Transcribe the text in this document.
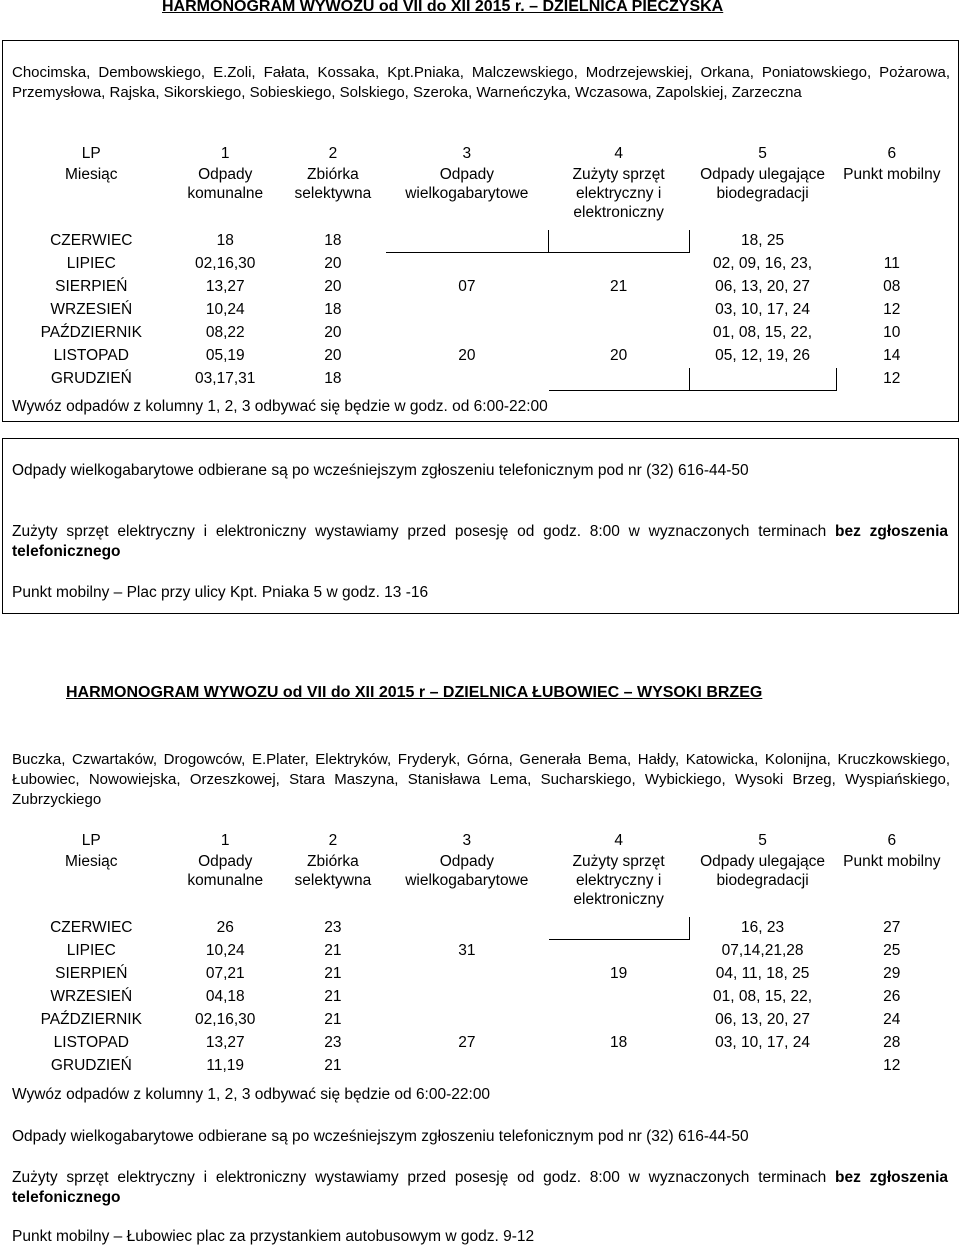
HARMONOGRAM WYWOZU od VII do XII 2015 r. – DZIELNICA PIECZYSKA
Chocimska, Dembowskiego, E.Zoli, Fałata, Kossaka, Kpt.Pniaka, Malczewskiego, Modrzejewskiej, Orkana, Poniatowskiego, Pożarowa, Przemysłowa, Rajska, Sikorskiego, Sobieskiego, Solskiego, Szeroka, Warneńczyka, Wczasowa, Zapolskiej, Zarzeczna
LP	1	2	3	4	5	6
Miesiąc	Odpady komunalne	Zbiórka selektywna	Odpady wielkogabarytowe	Zużyty sprzęt elektryczny i elektroniczny	Odpady ulegające biodegradacji	Punkt mobilny
CZERWIEC	18	18			18, 25	
LIPIEC	02,16,30	20			02, 09, 16, 23,	11
SIERPIEŃ	13,27	20	07	21	06, 13, 20, 27	08
WRZESIEŃ	10,24	18			03, 10, 17, 24	12
PAŹDZIERNIK	08,22	20			01, 08, 15, 22,	10
LISTOPAD	05,19	20	20	20	05, 12, 19, 26	14
GRUDZIEŃ	03,17,31	18				12
Wywóz odpadów z kolumny 1, 2, 3 odbywać się będzie w godz. od 6:00-22:00
Odpady wielkogabarytowe odbierane są po wcześniejszym zgłoszeniu telefonicznym pod nr (32) 616-44-50
Zużyty sprzęt elektryczny i elektroniczny wystawiamy przed posesję od godz. 8:00 w wyznaczonych terminach bez zgłoszenia telefonicznego
Punkt mobilny – Plac przy ulicy Kpt. Pniaka 5 w godz. 13 -16
HARMONOGRAM WYWOZU od VII do XII 2015 r – DZIELNICA ŁUBOWIEC – WYSOKI BRZEG
Buczka, Czwartaków, Drogowców, E.Plater, Elektryków, Fryderyk, Górna, Generała Bema, Hałdy, Katowicka, Kolonijna, Kruczkowskiego, Łubowiec, Nowowiejska, Orzeszkowej, Stara Maszyna, Stanisława Lema, Sucharskiego, Wybickiego, Wysoki Brzeg, Wyspiańskiego, Zubrzyckiego
LP	1	2	3	4	5	6
Miesiąc	Odpady komunalne	Zbiórka selektywna	Odpady wielkogabarytowe	Zużyty sprzęt elektryczny i elektroniczny	Odpady ulegające biodegradacji	Punkt mobilny
CZERWIEC	26	23			16, 23	27
LIPIEC	10,24	21	31		07,14,21,28	25
SIERPIEŃ	07,21	21		19	04, 11, 18, 25	29
WRZESIEŃ	04,18	21			01, 08, 15, 22,	26
PAŹDZIERNIK	02,16,30	21			06, 13, 20, 27	24
LISTOPAD	13,27	23	27	18	03, 10, 17, 24	28
GRUDZIEŃ	11,19	21				12
Wywóz odpadów z kolumny 1, 2, 3 odbywać się będzie od 6:00-22:00
Odpady wielkogabarytowe odbierane są po wcześniejszym zgłoszeniu telefonicznym pod nr (32) 616-44-50
Zużyty sprzęt elektryczny i elektroniczny wystawiamy przed posesję od godz. 8:00 w wyznaczonych terminach bez zgłoszenia telefonicznego
Punkt mobilny – Łubowiec plac za przystankiem autobusowym w godz. 9-12
